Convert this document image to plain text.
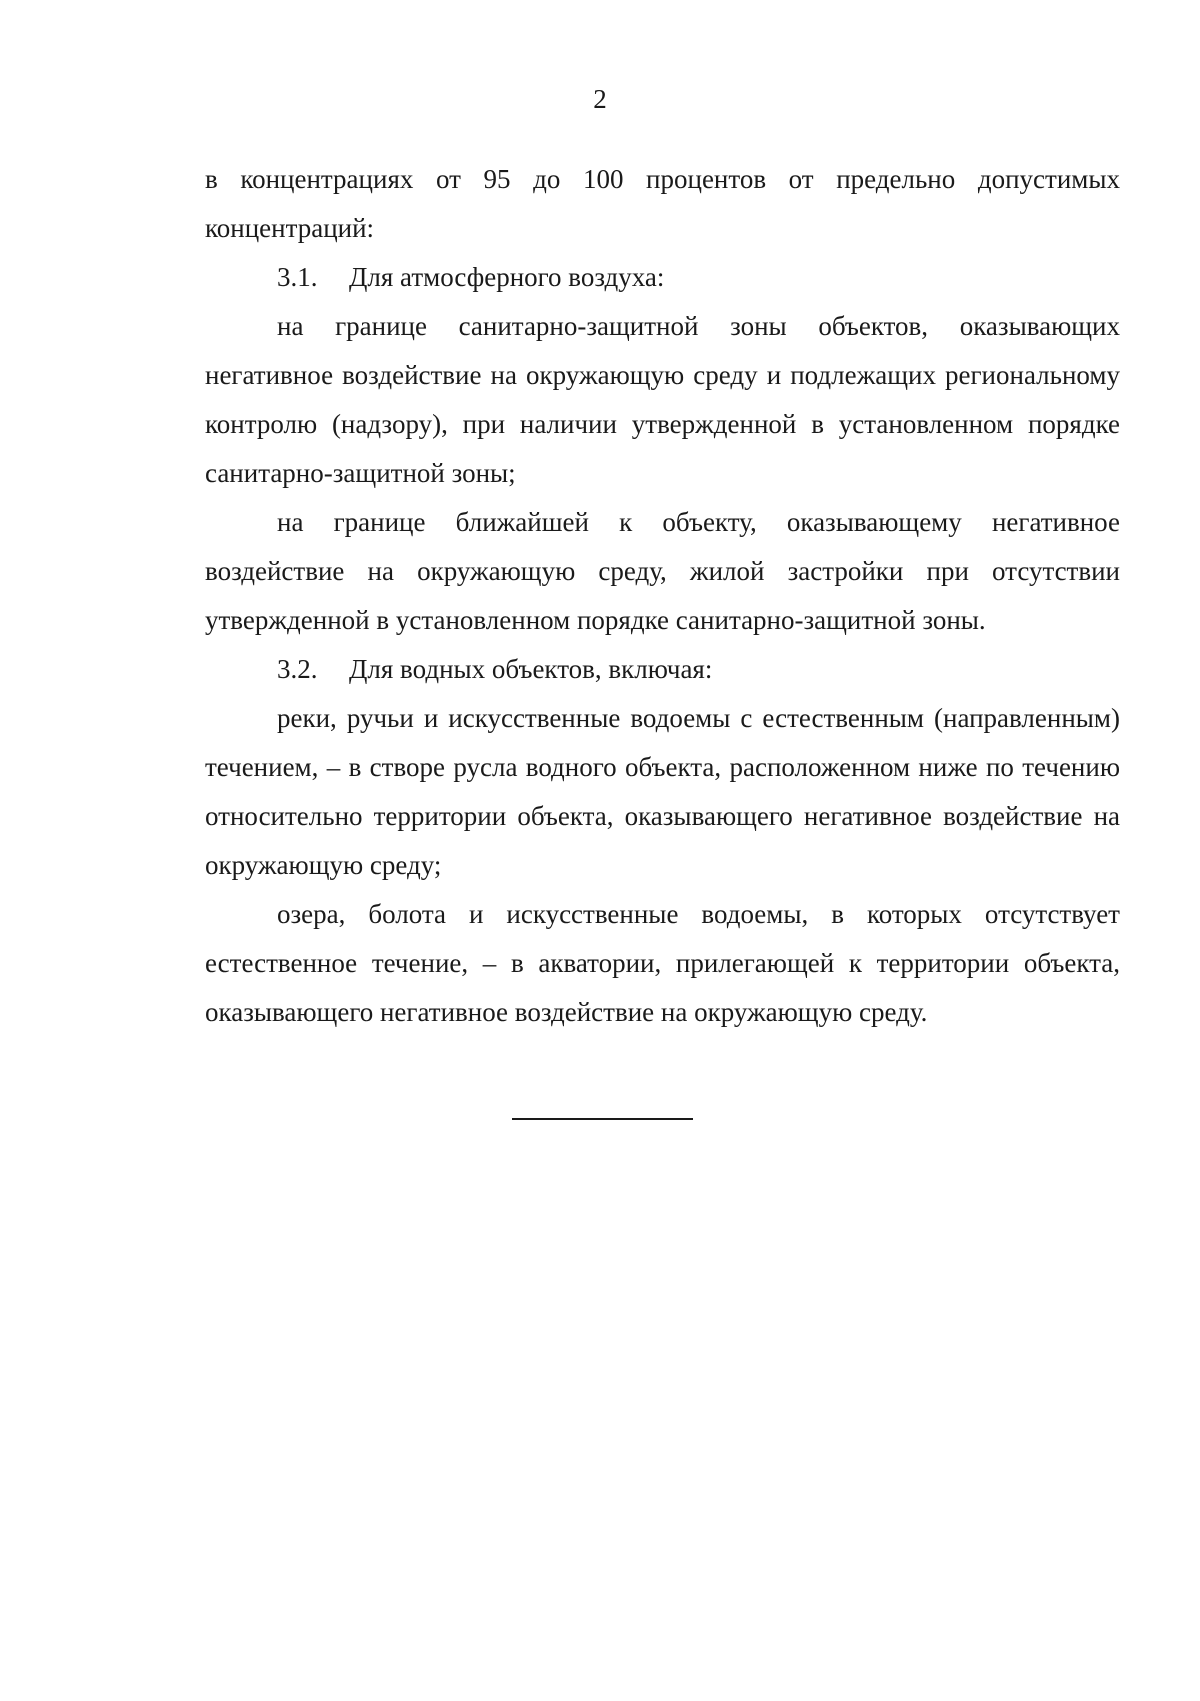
2

в концентрациях от 95 до 100 процентов от предельно допустимых концентраций:

3.1. Для атмосферного воздуха:

на границе санитарно-защитной зоны объектов, оказывающих негативное воздействие на окружающую среду и подлежащих региональному контролю (надзору), при наличии утвержденной в установленном порядке санитарно-защитной зоны;

на границе ближайшей к объекту, оказывающему негативное воздействие на окружающую среду, жилой застройки при отсутствии утвержденной в установленном порядке санитарно-защитной зоны.

3.2. Для водных объектов, включая:

реки, ручьи и искусственные водоемы с естественным (направленным) течением, – в створе русла водного объекта, расположенном ниже по течению относительно территории объекта, оказывающего негативное воздействие на окружающую среду;

озера, болота и искусственные водоемы, в которых отсутствует естественное течение, – в акватории, прилегающей к территории объекта, оказывающего негативное воздействие на окружающую среду.
